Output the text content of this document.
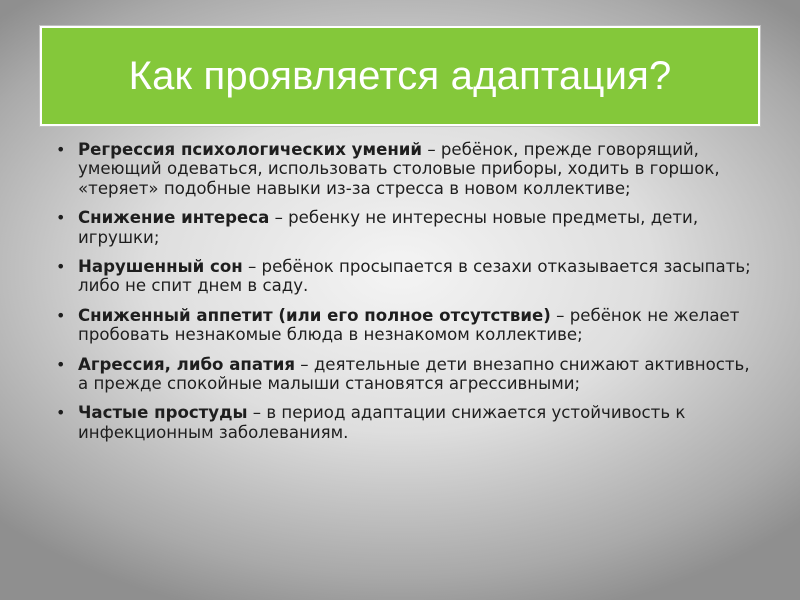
Как проявляется адаптация?
• Регрессия психологических умений – ребёнок, прежде говорящий, умеющий одеваться, использовать столовые приборы, ходить в горшок, «теряет» подобные навыки из-за стресса в новом коллективе;
• Снижение интереса – ребенку не интересны новые предметы, дети, игрушки;
• Нарушенный сон – ребёнок просыпается в сезахи отказывается засыпать; либо не спит днем в саду.
• Сниженный аппетит (или его полное отсутствие) – ребёнок не желает пробовать незнакомые блюда в незнакомом коллективе;
• Агрессия, либо апатия – деятельные дети внезапно снижают активность, а прежде спокойные малыши становятся агрессивными;
• Частые простуды – в период адаптации снижается устойчивость к инфекционным заболеваниям.
